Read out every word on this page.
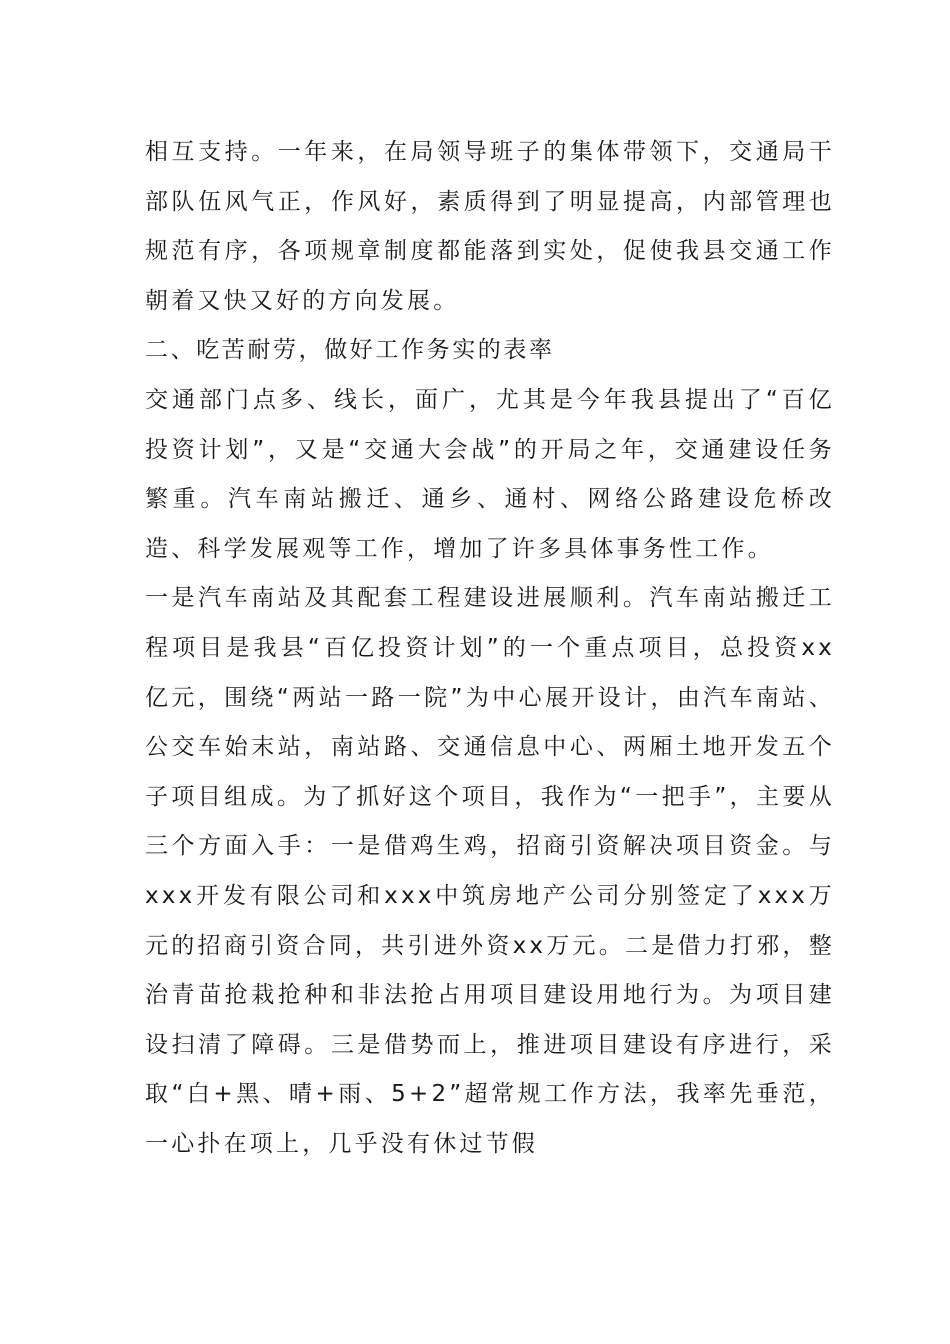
相互支持。一年来，在局领导班子的集体带领下，交通局干部队伍风气正，作风好，素质得到了明显提高，内部管理也规范有序，各项规章制度都能落到实处，促使我县交通工作朝着又快又好的方向发展。

二、吃苦耐劳，做好工作务实的表率

交通部门点多、线长，面广，尤其是今年我县提出了“百亿投资计划”，又是“交通大会战”的开局之年，交通建设任务繁重。汽车南站搬迁、通乡、通村、网络公路建设危桥改造、科学发展观等工作，增加了许多具体事务性工作。

一是汽车南站及其配套工程建设进展顺利。汽车南站搬迁工程项目是我县“百亿投资计划”的一个重点项目，总投资xx亿元，围绕“两站一路一院”为中心展开设计，由汽车南站、公交车始末站，南站路、交通信息中心、两厢土地开发五个子项目组成。为了抓好这个项目，我作为“一把手”，主要从三个方面入手：一是借鸡生鸡，招商引资解决项目资金。与xxx开发有限公司和xxx中筑房地产公司分别签定了xxx万元的招商引资合同，共引进外资xx万元。二是借力打邪，整治青苗抢栽抢种和非法抢占用项目建设用地行为。为项目建设扫清了障碍。三是借势而上，推进项目建设有序进行，采取“白+黑、晴+雨、5+2”超常规工作方法，我率先垂范，一心扑在项上，几乎没有休过节假
